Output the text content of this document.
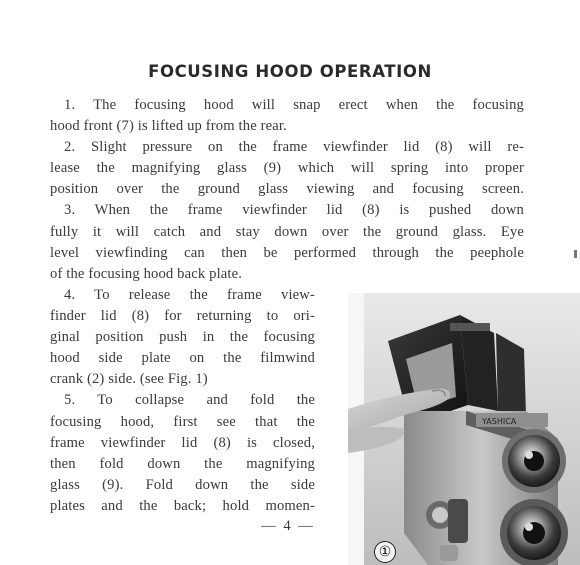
FOCUSING HOOD OPERATION
1. The focusing hood will snap erect when the focusing
hood front (7) is lifted up from the rear.
2. Slight pressure on the frame viewfinder lid (8) will re-
lease the magnifying glass (9) which will spring into proper
position over the ground glass viewing and focusing screen.
3. When the frame viewfinder lid (8) is pushed down
fully it will catch and stay down over the ground glass. Eye
level viewfinding can then be performed through the peephole
of the focusing hood back plate.
4. To release the frame view-
finder lid (8) for returning to ori-
ginal position push in the focusing
hood side plate on the filmwind
crank (2) side. (see Fig. 1)
5. To collapse and fold the
focusing hood, first see that the
frame viewfinder lid (8) is closed,
then fold down the magnifying
glass (9). Fold down the side
plates and the back; hold momen-
— 4 —
YASHICA
①
